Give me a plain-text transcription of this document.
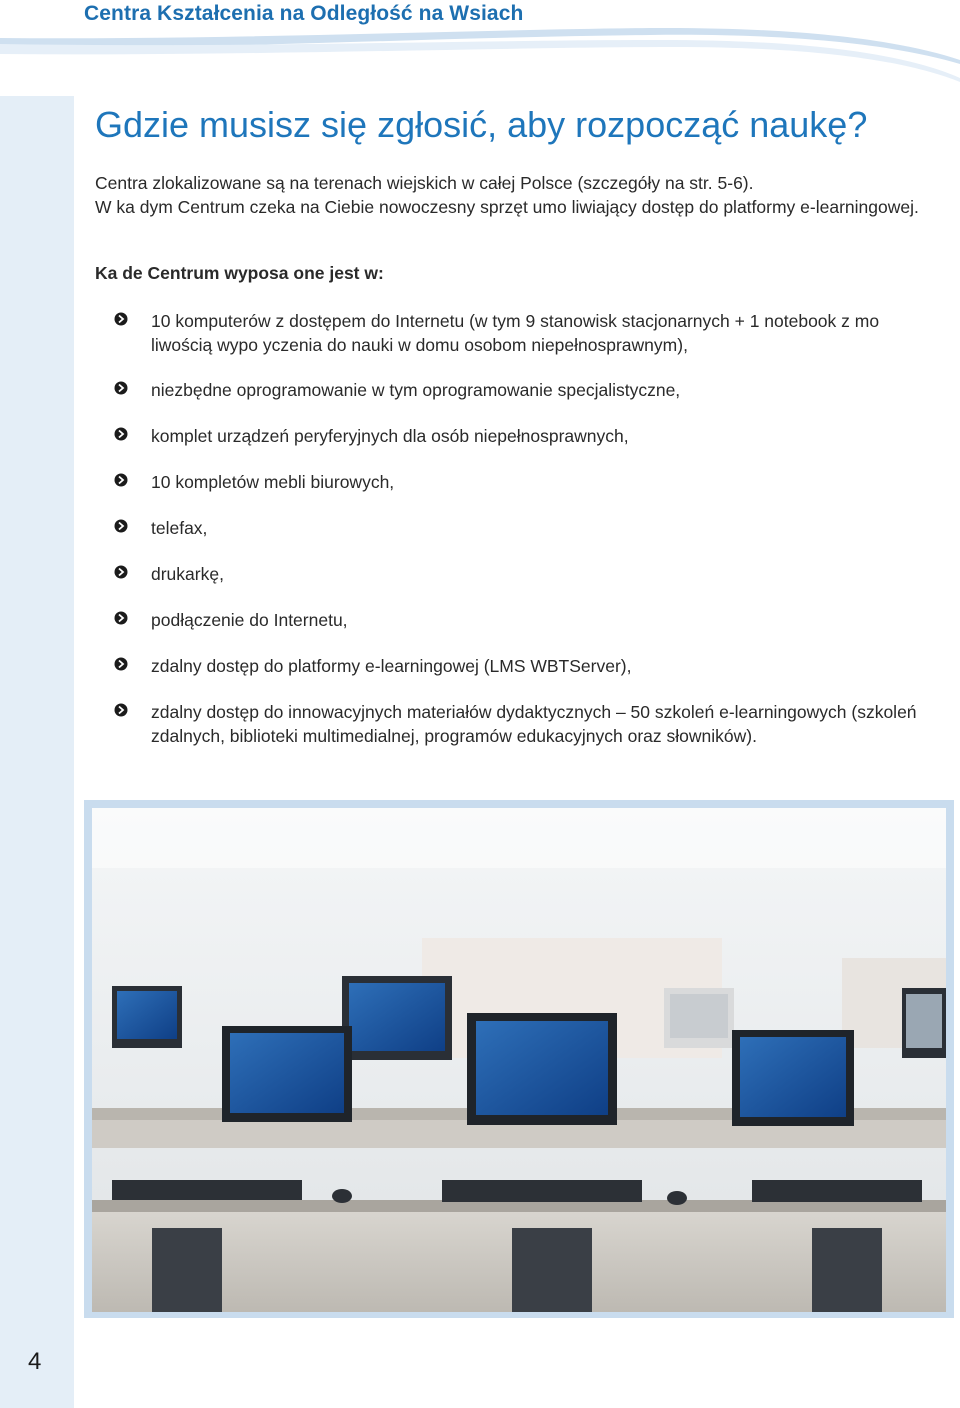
Centra Kształcenia na Odległość na Wsiach
4
Gdzie musisz się zgłosić, aby rozpocząć naukę?

Centra zlokalizowane są na terenach wiejskich w całej Polsce (szczegóły na str. 5-6).

W ka dym Centrum czeka na Ciebie nowoczesny sprzęt umo liwiający dostęp do platformy e-learningowej.

Ka de Centrum wyposa one jest w:
10 komputerów z dostępem do Internetu (w tym 9 stanowisk stacjonarnych + 1 notebook z mo liwością wypo yczenia do nauki w domu osobom niepełnosprawnym),
niezbędne oprogramowanie w tym oprogramowanie specjalistyczne,
komplet urządzeń peryferyjnych dla osób niepełnosprawnych,
10 kompletów mebli biurowych,
telefax,
drukarkę,
podłączenie do Internetu,
zdalny dostęp do platformy e-learningowej (LMS WBTServer),
zdalny dostęp do innowacyjnych materiałów dydaktycznych – 50 szkoleń e-learningowych (szkoleń zdalnych, biblioteki multimedialnej, programów edukacyjnych oraz słowników).
